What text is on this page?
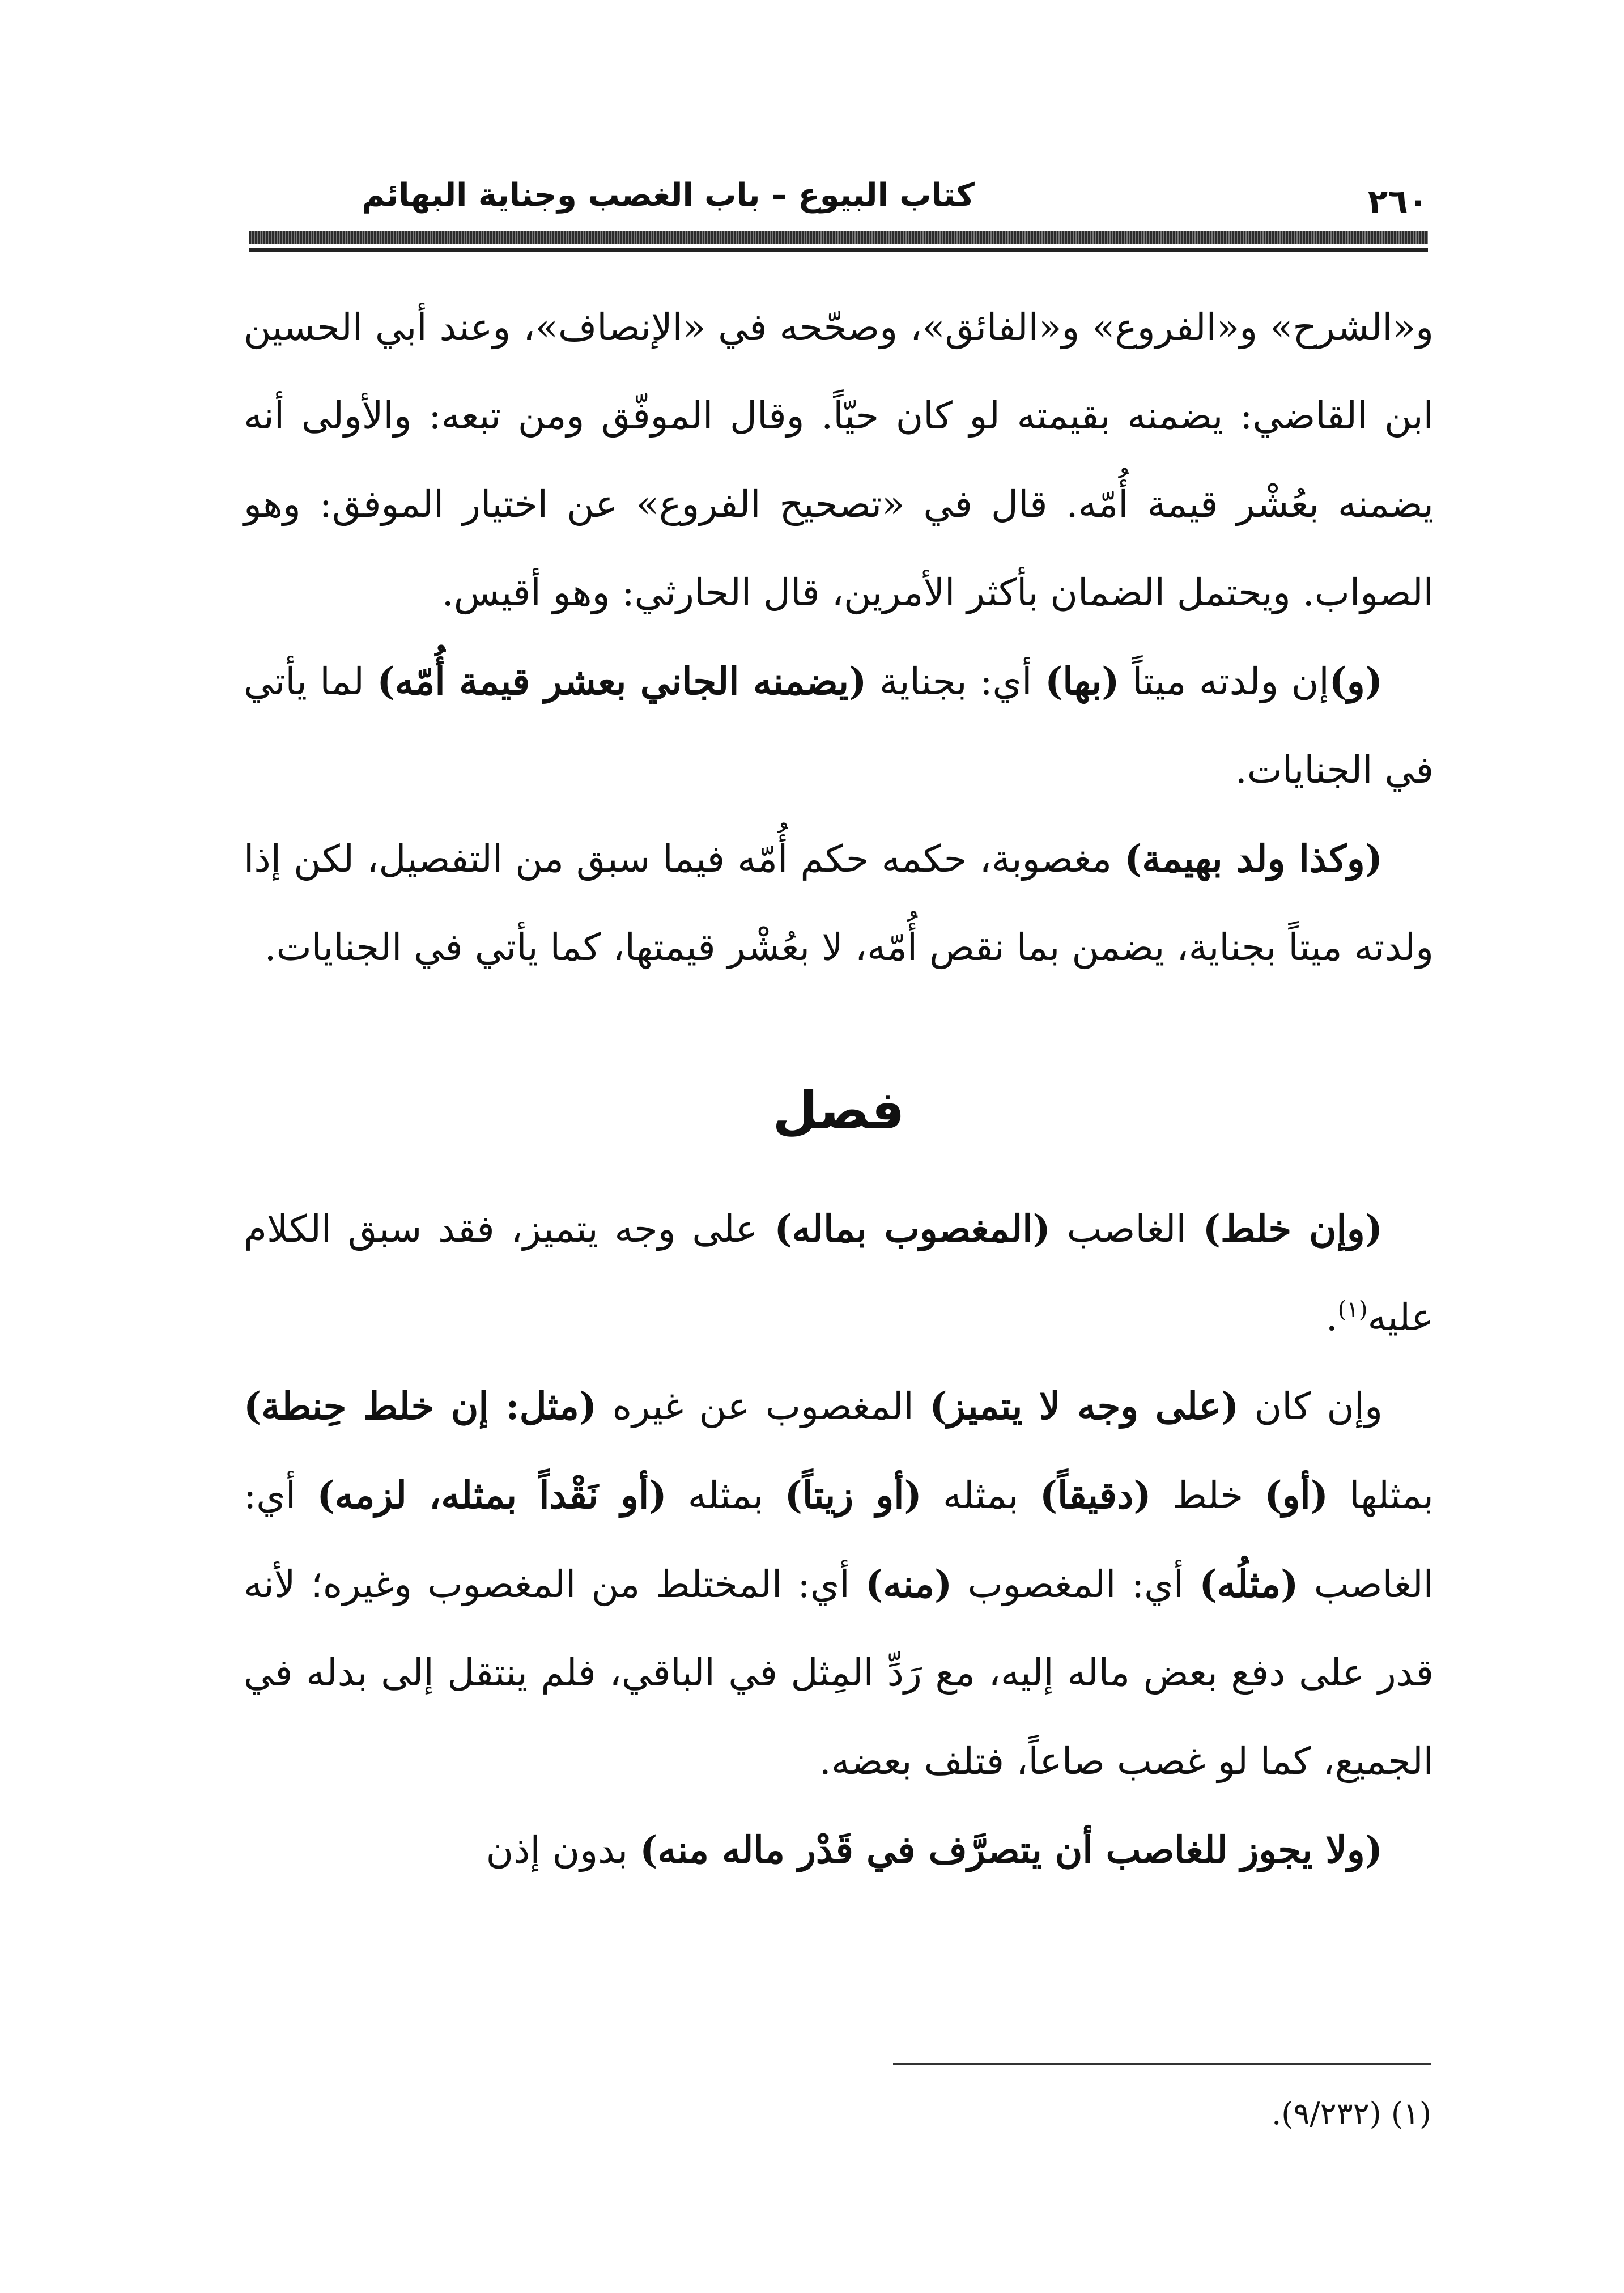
٢٦٠
كتاب البيوع – باب الغصب وجناية البهائم

و«الشرح» و«الفروع» و«الفائق»، وصحّحه في «الإنصاف»، وعند أبي الحسين ابن القاضي: يضمنه بقيمته لو كان حيّاً. وقال الموفّق ومن تبعه: والأولى أنه يضمنه بعُشْر قيمة أُمّه. قال في «تصحيح الفروع» عن اختيار الموفق: وهو الصواب. ويحتمل الضمان بأكثر الأمرين، قال الحارثي: وهو أقيس.

(و)إن ولدته ميتاً (بها) أي: بجناية (يضمنه الجاني بعشر قيمة أُمّه) لما يأتي في الجنايات.

(وكذا ولد بهيمة) مغصوبة، حكمه حكم أُمّه فيما سبق من التفصيل، لكن إذا ولدته ميتاً بجناية، يضمن بما نقص أُمّه، لا بعُشْر قيمتها، كما يأتي في الجنايات.

فصل

(وإن خلط) الغاصب (المغصوب بماله) على وجه يتميز، فقد سبق الكلام عليه$^{(١)}$.

وإن كان (على وجه لا يتميز) المغصوب عن غيره (مثل: إن خلط حِنطة) بمثلها (أو) خلط (دقيقاً) بمثله (أو زيتاً) بمثله (أو نَقْداً بمثله، لزمه) أي: الغاصب (مثلُه) أي: المغصوب (منه) أي: المختلط من المغصوب وغيره؛ لأنه قدر على دفع بعض ماله إليه، مع رَدِّ المِثل في الباقي، فلم ينتقل إلى بدله في الجميع، كما لو غصب صاعاً، فتلف بعضه.

(ولا يجوز للغاصب أن يتصرَّف في قَدْر ماله منه) بدون إذن

(١) (٩/٢٣٢).
